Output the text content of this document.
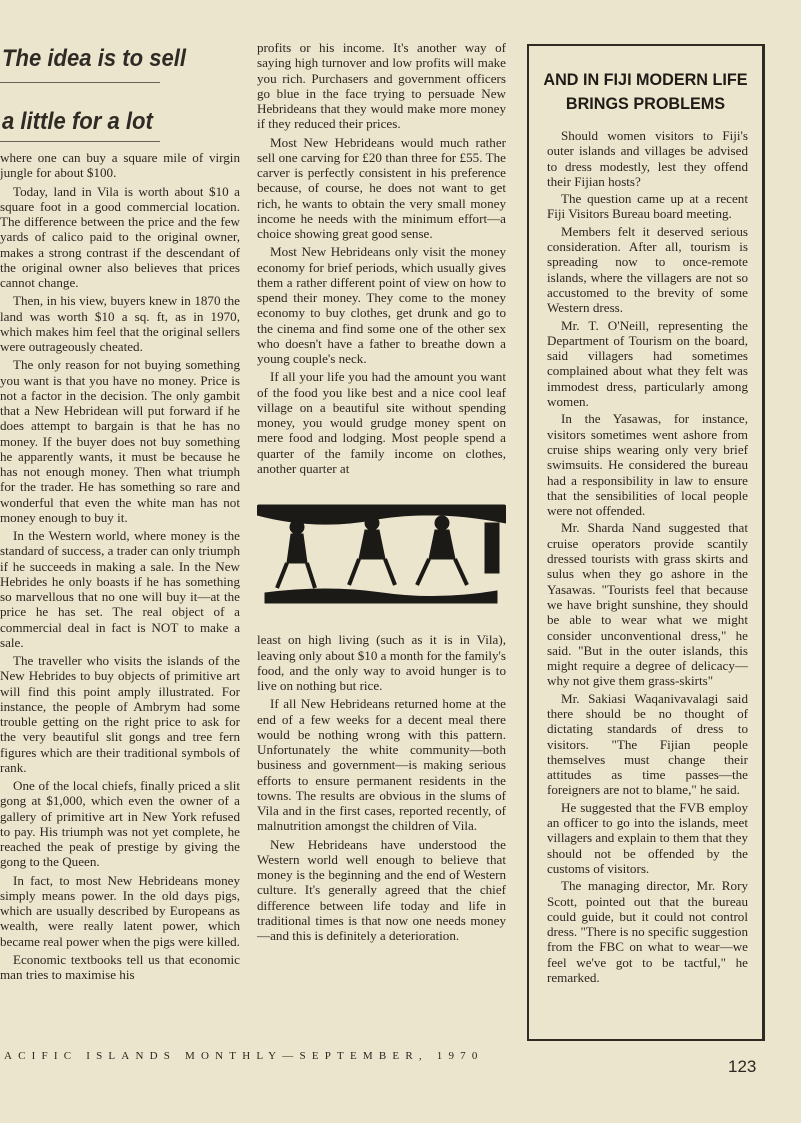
The idea is to sell
a little for a lot

where one can buy a square mile of virgin jungle for about $100.

Today, land in Vila is worth about $10 a square foot in a good commercial location. The difference between the price and the few yards of calico paid to the original owner, makes a strong contrast if the descendant of the original owner also believes that prices cannot change.

Then, in his view, buyers knew in 1870 the land was worth $10 a sq. ft, as in 1970, which makes him feel that the original sellers were outrageously cheated.

The only reason for not buying something you want is that you have no money. Price is not a factor in the decision. The only gambit that a New Hebridean will put forward if he does attempt to bargain is that he has no money. If the buyer does not buy something he apparently wants, it must be because he has not enough money. Then what triumph for the trader. He has something so rare and wonderful that even the white man has not money enough to buy it.

In the Western world, where money is the standard of success, a trader can only triumph if he succeeds in making a sale. In the New Hebrides he only boasts if he has something so marvellous that no one will buy it—at the price he has set. The real object of a commercial deal in fact is NOT to make a sale.

The traveller who visits the islands of the New Hebrides to buy objects of primitive art will find this point amply illustrated. For instance, the people of Ambrym had some trouble getting on the right price to ask for the very beautiful slit gongs and tree fern figures which are their traditional symbols of rank.

One of the local chiefs, finally priced a slit gong at $1,000, which even the owner of a gallery of primitive art in New York refused to pay. His triumph was not yet complete, he reached the peak of prestige by giving the gong to the Queen.

In fact, to most New Hebrideans money simply means power. In the old days pigs, which are usually described by Europeans as wealth, were really latent power, which became real power when the pigs were killed.

Economic textbooks tell us that economic man tries to maximise his

profits or his income. It's another way of saying high turnover and low profits will make you rich. Purchasers and government officers go blue in the face trying to persuade New Hebrideans that they would make more money if they reduced their prices.

Most New Hebrideans would much rather sell one carving for £20 than three for £55. The carver is perfectly consistent in his preference because, of course, he does not want to get rich, he wants to obtain the very small money income he needs with the minimum effort—a choice showing great good sense.

Most New Hebrideans only visit the money economy for brief periods, which usually gives them a rather different point of view on how to spend their money. They come to the money economy to buy clothes, get drunk and go to the cinema and find some one of the other sex who doesn't have a father to breathe down a young couple's neck.

If all your life you had the amount you want of the food you like best and a nice cool leaf village on a beautiful site without spending money, you would grudge money spent on mere food and lodging. Most people spend a quarter of the family income on clothes, another quarter at

least on high living (such as it is in Vila), leaving only about $10 a month for the family's food, and the only way to avoid hunger is to live on nothing but rice.

If all New Hebrideans returned home at the end of a few weeks for a decent meal there would be nothing wrong with this pattern. Unfortunately the white community—both business and government—is making serious efforts to ensure permanent residents in the towns. The results are obvious in the slums of Vila and in the first cases, reported recently, of malnutrition amongst the children of Vila.

New Hebrideans have understood the Western world well enough to believe that money is the beginning and the end of Western culture. It's generally agreed that the chief difference between life today and life in traditional times is that now one needs money—and this is definitely a deterioration.

AND IN FIJI MODERN LIFE BRINGS PROBLEMS

Should women visitors to Fiji's outer islands and villages be advised to dress modestly, lest they offend their Fijian hosts?

The question came up at a recent Fiji Visitors Bureau board meeting.

Members felt it deserved serious consideration. After all, tourism is spreading now to once-remote islands, where the villagers are not so accustomed to the brevity of some Western dress.

Mr. T. O'Neill, representing the Department of Tourism on the board, said villagers had sometimes complained about what they felt was immodest dress, particularly among women.

In the Yasawas, for instance, visitors sometimes went ashore from cruise ships wearing only very brief swimsuits. He considered the bureau had a responsibility in law to ensure that the sensibilities of local people were not offended.

Mr. Sharda Nand suggested that cruise operators provide scantily dressed tourists with grass skirts and sulus when they go ashore in the Yasawas. "Tourists feel that because we have bright sunshine, they should be able to wear what we might consider unconventional dress," he said. "But in the outer islands, this might require a degree of delicacy—why not give them grass-skirts"

Mr. Sakiasi Waqanivavalagi said there should be no thought of dictating standards of dress to visitors. "The Fijian people themselves must change their attitudes as time passes—the foreigners are not to blame," he said.

He suggested that the FVB employ an officer to go into the islands, meet villagers and explain to them that they should not be offended by the customs of visitors.

The managing director, Mr. Rory Scott, pointed out that the bureau could guide, but it could not control dress. "There is no specific suggestion from the FBC on what to wear—we feel we've got to be tactful," he remarked.

ACIFIC ISLANDS MONTHLY—SEPTEMBER, 1970
123
